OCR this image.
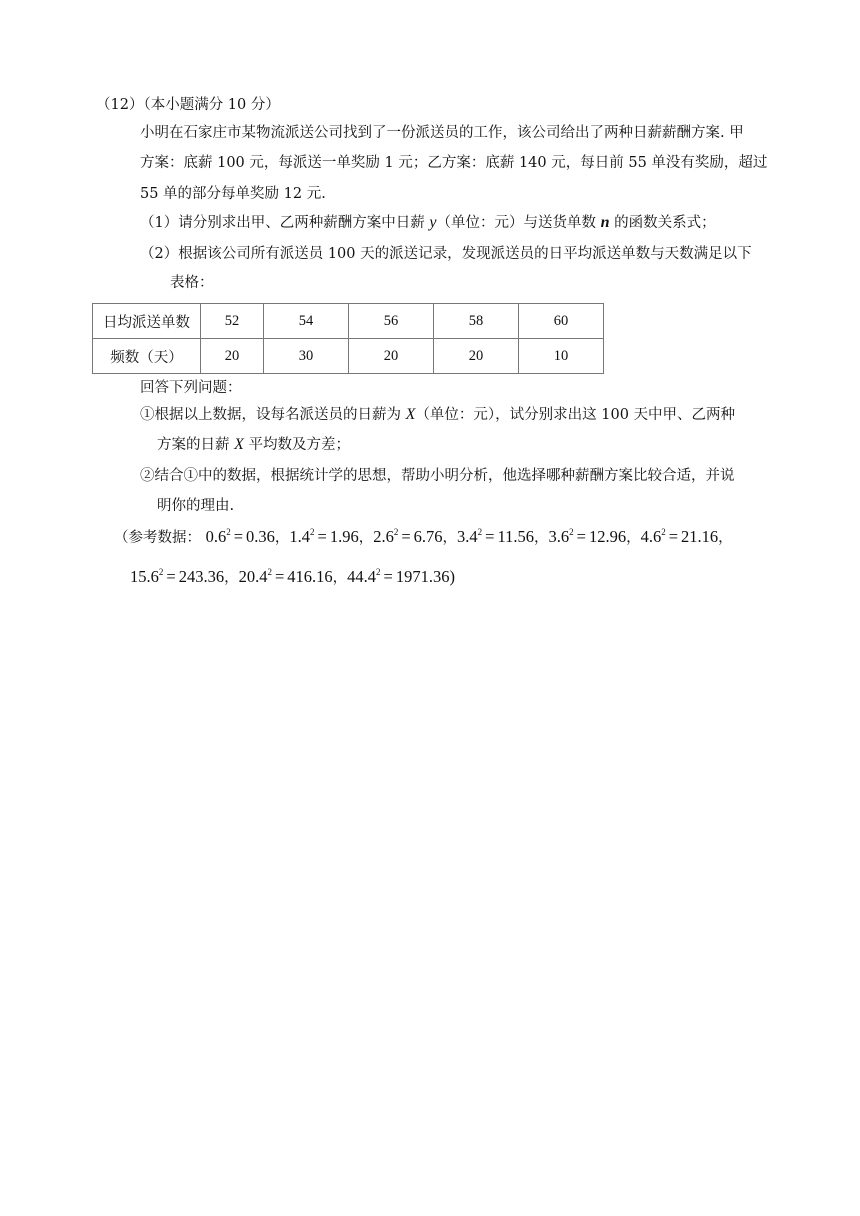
（12）（本小题满分 10 分）
小明在石家庄市某物流派送公司找到了一份派送员的工作，该公司给出了两种日薪薪酬方案. 甲
方案：底薪 100 元，每派送一单奖励 1 元；乙方案：底薪 140 元，每日前 55 单没有奖励，超过
55 单的部分每单奖励 12 元.
（1）请分别求出甲、乙两种薪酬方案中日薪 y（单位：元）与送货单数 n 的函数关系式；
（2）根据该公司所有派送员 100 天的派送记录，发现派送员的日平均派送单数与天数满足以下
表格：
日均派送单数	52	54	56	58	60
频数（天）	20	30	20	20	10
回答下列问题：
①根据以上数据，设每名派送员的日薪为 X（单位：元），试分别求出这 100 天中甲、乙两种
方案的日薪 X 平均数及方差；
②结合①中的数据，根据统计学的思想，帮助小明分析，他选择哪种薪酬方案比较合适，并说
明你的理由.
（参考数据： $0.6^2 = 0.36$，$1.4^2 = 1.96$，$2.6^2 = 6.76$，$3.4^2 = 11.56$，$3.6^2 = 12.96$，$4.6^2 = 21.16$，
$15.6^2 = 243.36$，$20.4^2 = 416.16$，$44.4^2 = 1971.36$)
